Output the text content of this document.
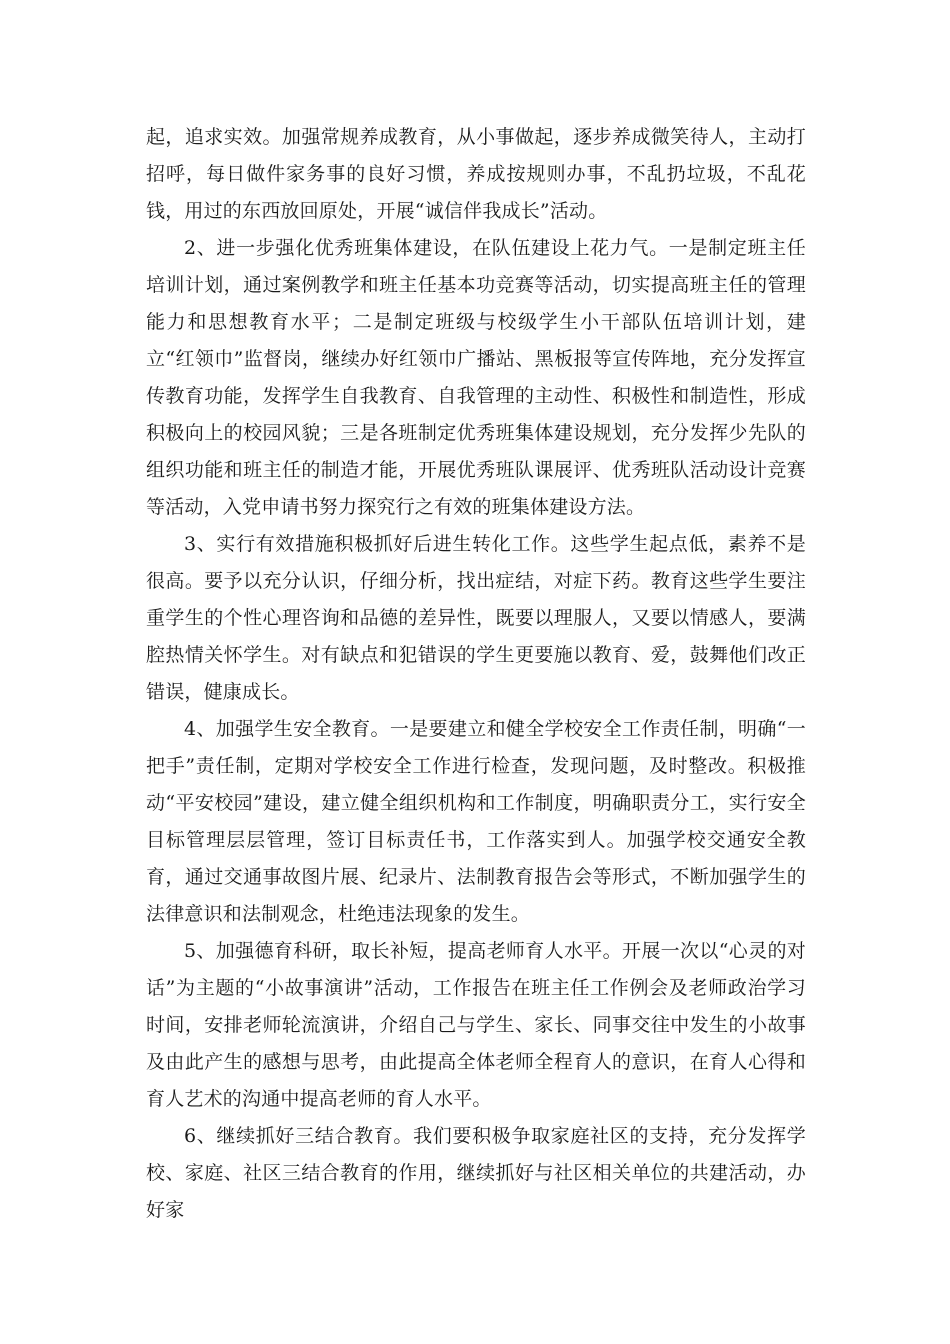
起，追求实效。加强常规养成教育，从小事做起，逐步养成微笑待人，主动打招呼，每日做件家务事的良好习惯，养成按规则办事，不乱扔垃圾，不乱花钱，用过的东西放回原处，开展“诚信伴我成长”活动。

2、进一步强化优秀班集体建设，在队伍建设上花力气。一是制定班主任培训计划，通过案例教学和班主任基本功竞赛等活动，切实提高班主任的管理能力和思想教育水平；二是制定班级与校级学生小干部队伍培训计划，建立“红领巾”监督岗，继续办好红领巾广播站、黑板报等宣传阵地，充分发挥宣传教育功能，发挥学生自我教育、自我管理的主动性、积极性和制造性，形成积极向上的校园风貌；三是各班制定优秀班集体建设规划，充分发挥少先队的组织功能和班主任的制造才能，开展优秀班队课展评、优秀班队活动设计竞赛等活动，入党申请书努力探究行之有效的班集体建设方法。

3、实行有效措施积极抓好后进生转化工作。这些学生起点低，素养不是很高。要予以充分认识，仔细分析，找出症结，对症下药。教育这些学生要注重学生的个性心理咨询和品德的差异性，既要以理服人，又要以情感人，要满腔热情关怀学生。对有缺点和犯错误的学生更要施以教育、爱，鼓舞他们改正错误，健康成长。

4、加强学生安全教育。一是要建立和健全学校安全工作责任制，明确“一把手”责任制，定期对学校安全工作进行检查，发现问题，及时整改。积极推动“平安校园”建设，建立健全组织机构和工作制度，明确职责分工，实行安全目标管理层层管理，签订目标责任书，工作落实到人。加强学校交通安全教育，通过交通事故图片展、纪录片、法制教育报告会等形式，不断加强学生的法律意识和法制观念，杜绝违法现象的发生。

5、加强德育科研，取长补短，提高老师育人水平。开展一次以“心灵的对话”为主题的“小故事演讲”活动，工作报告在班主任工作例会及老师政治学习时间，安排老师轮流演讲，介绍自己与学生、家长、同事交往中发生的小故事及由此产生的感想与思考，由此提高全体老师全程育人的意识，在育人心得和育人艺术的沟通中提高老师的育人水平。

6、继续抓好三结合教育。我们要积极争取家庭社区的支持，充分发挥学校、家庭、社区三结合教育的作用，继续抓好与社区相关单位的共建活动，办好家
